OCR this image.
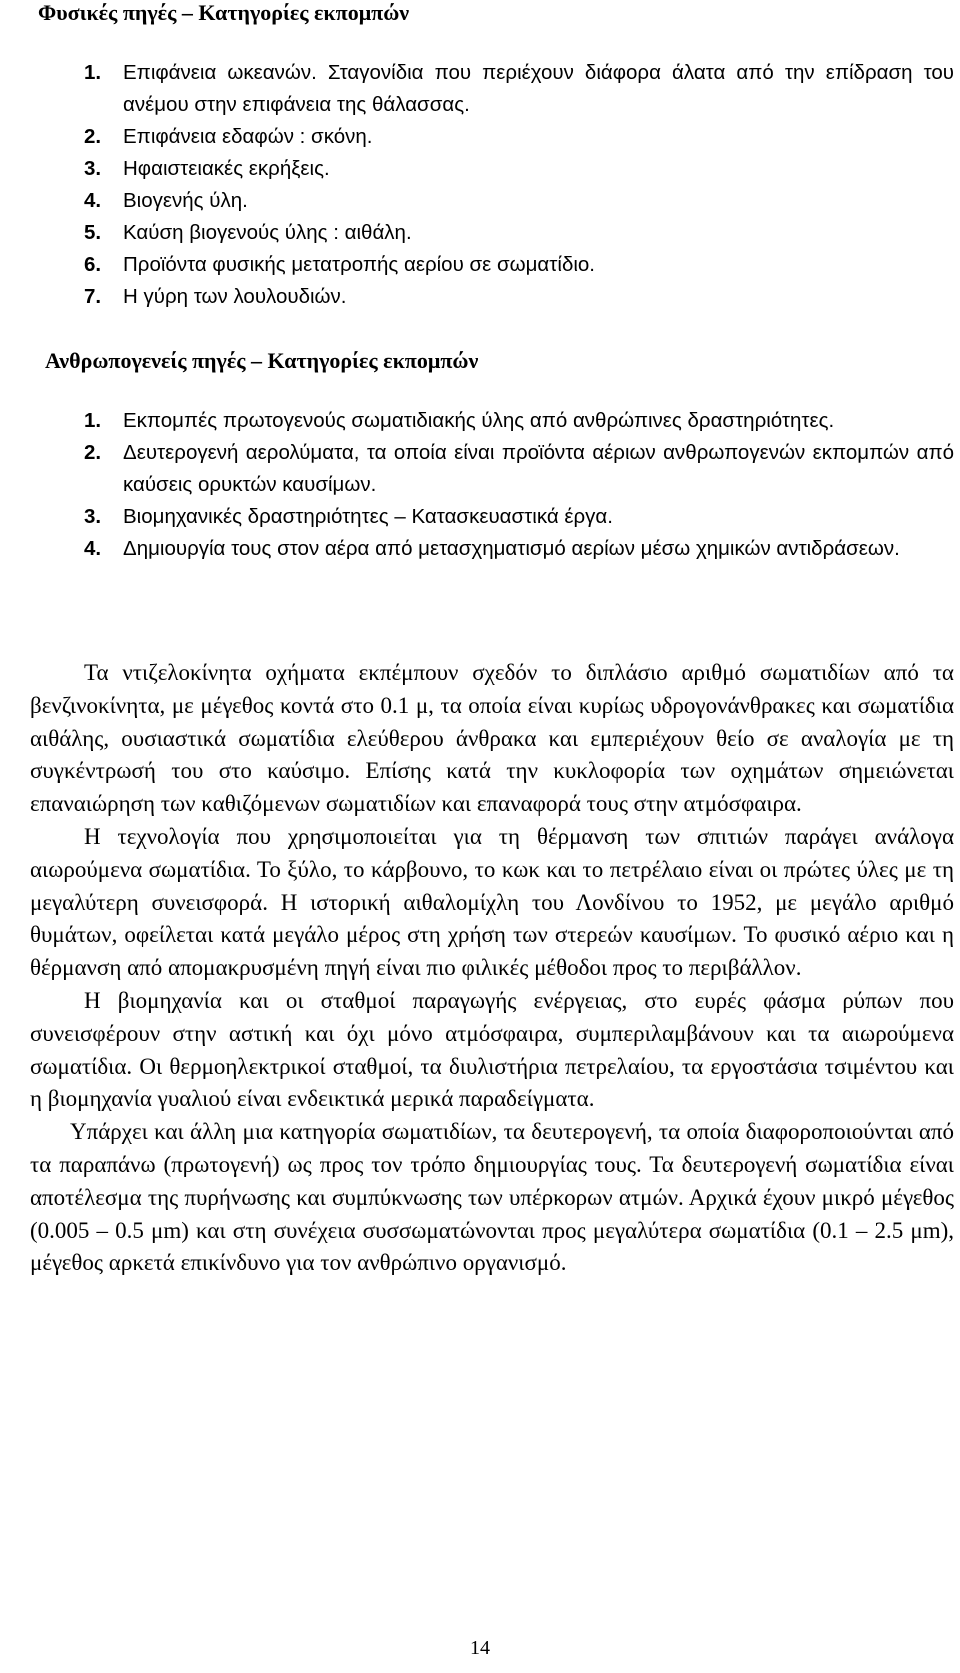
Φυσικές πηγές – Κατηγορίες εκπομπών
1. Επιφάνεια ωκεανών. Σταγονίδια που περιέχουν διάφορα άλατα από την επίδραση του ανέμου στην επιφάνεια της θάλασσας.
2. Επιφάνεια εδαφών : σκόνη.
3. Ηφαιστειακές εκρήξεις.
4. Βιογενής ύλη.
5. Καύση βιογενούς ύλης : αιθάλη.
6. Προϊόντα φυσικής μετατροπής αερίου σε σωματίδιο.
7. Η γύρη των λουλουδιών.
Ανθρωπογενείς πηγές – Κατηγορίες εκπομπών
1. Εκπομπές πρωτογενούς σωματιδιακής ύλης από ανθρώπινες δραστηριότητες.
2. Δευτερογενή αερολύματα, τα οποία είναι προϊόντα αέριων ανθρωπογενών εκπομπών από καύσεις ορυκτών καυσίμων.
3. Βιομηχανικές δραστηριότητες – Κατασκευαστικά έργα.
4. Δημιουργία τους στον αέρα από μετασχηματισμό αερίων μέσω χημικών αντιδράσεων.

Τα ντιζελοκίνητα οχήματα εκπέμπουν σχεδόν το διπλάσιο αριθμό σωματιδίων από τα βενζινοκίνητα, με μέγεθος κοντά στο 0.1 μ, τα οποία είναι κυρίως υδρογονάνθρακες και σωματίδια αιθάλης, ουσιαστικά σωματίδια ελεύθερου άνθρακα και εμπεριέχουν θείο σε αναλογία με τη συγκέντρωσή του στο καύσιμο. Επίσης κατά την κυκλοφορία των οχημάτων σημειώνεται επαναιώρηση των καθιζόμενων σωματιδίων και επαναφορά τους στην ατμόσφαιρα.

Η τεχνολογία που χρησιμοποιείται για τη θέρμανση των σπιτιών παράγει ανάλογα αιωρούμενα σωματίδια. Το ξύλο, το κάρβουνο, το κωκ και το πετρέλαιο είναι οι πρώτες ύλες με τη μεγαλύτερη συνεισφορά. Η ιστορική αιθαλομίχλη του Λονδίνου το 1952, με μεγάλο αριθμό θυμάτων, οφείλεται κατά μεγάλο μέρος στη χρήση των στερεών καυσίμων. Το φυσικό αέριο και η θέρμανση από απομακρυσμένη πηγή είναι πιο φιλικές μέθοδοι προς το περιβάλλον.

Η βιομηχανία και οι σταθμοί παραγωγής ενέργειας, στο ευρές φάσμα ρύπων που συνεισφέρουν στην αστική και όχι μόνο ατμόσφαιρα, συμπεριλαμβάνουν και τα αιωρούμενα σωματίδια. Οι θερμοηλεκτρικοί σταθμοί, τα διυλιστήρια πετρελαίου, τα εργοστάσια τσιμέντου και η βιομηχανία γυαλιού είναι ενδεικτικά μερικά παραδείγματα.

Υπάρχει και άλλη μια κατηγορία σωματιδίων, τα δευτερογενή, τα οποία διαφοροποιούνται από τα παραπάνω (πρωτογενή) ως προς τον τρόπο δημιουργίας τους. Τα δευτερογενή σωματίδια είναι αποτέλεσμα της πυρήνωσης και συμπύκνωσης των υπέρκορων ατμών. Αρχικά έχουν μικρό μέγεθος (0.005 – 0.5 μm) και στη συνέχεια συσσωματώνονται προς μεγαλύτερα σωματίδια (0.1 – 2.5 μm), μέγεθος αρκετά επικίνδυνο για τον ανθρώπινο οργανισμό.

14
